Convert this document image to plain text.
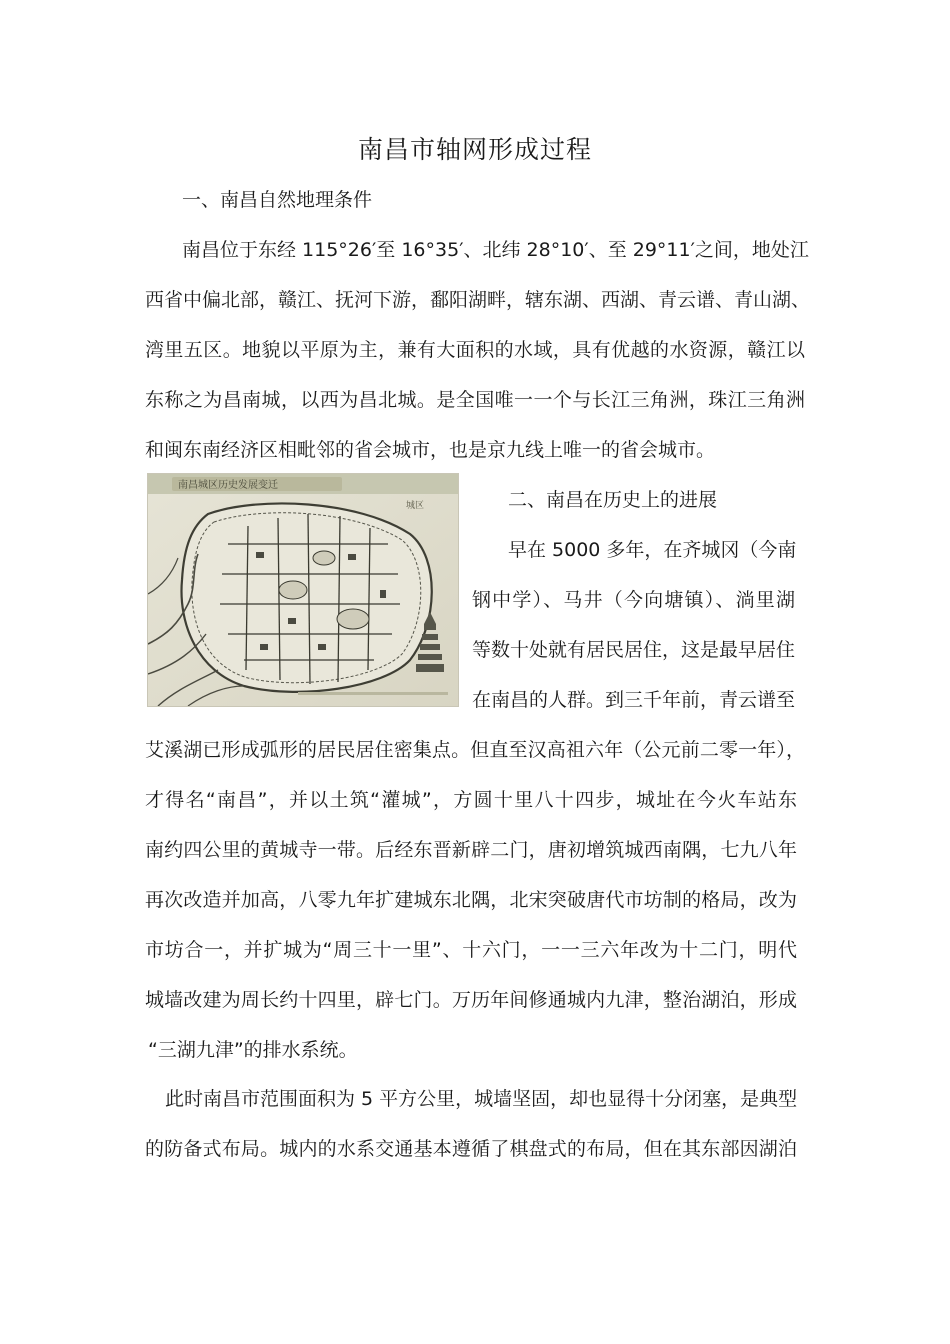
南昌市轴网形成过程
一、南昌自然地理条件
南昌位于东经 115°26′至 16°35′、北纬 28°10′、至 29°11′之间，地处江
西省中偏北部，赣江、抚河下游，鄱阳湖畔，辖东湖、西湖、青云谱、青山湖、
湾里五区。地貌以平原为主，兼有大面积的水域，具有优越的水资源，赣江以
东称之为昌南城，以西为昌北城。是全国唯一一个与长江三角洲，珠江三角洲
和闽东南经济区相毗邻的省会城市，也是京九线上唯一的省会城市。
南昌城区历史发展变迁
城区	二、南昌在历史上的进展
早在 5000 多年，在齐城冈（今南
钢中学）、马井（今向塘镇）、淌里湖
等数十处就有居民居住，这是最早居住
在南昌的人群。到三千年前，青云谱至
艾溪湖已形成弧形的居民居住密集点。但直至汉高祖六年（公元前二零一年），
才得名“南昌”，并以土筑“灌城”，方圆十里八十四步，城址在今火车站东
南约四公里的黄城寺一带。后经东晋新辟二门，唐初增筑城西南隅，七九八年
再次改造并加高，八零九年扩建城东北隅，北宋突破唐代市坊制的格局，改为
市坊合一，并扩城为“周三十一里”、十六门，一一三六年改为十二门，明代
城墙改建为周长约十四里，辟七门。万历年间修通城内九津，整治湖泊，形成
“三湖九津”的排水系统。
此时南昌市范围面积为 5 平方公里，城墙坚固，却也显得十分闭塞，是典型
的防备式布局。城内的水系交通基本遵循了棋盘式的布局，但在其东部因湖泊
